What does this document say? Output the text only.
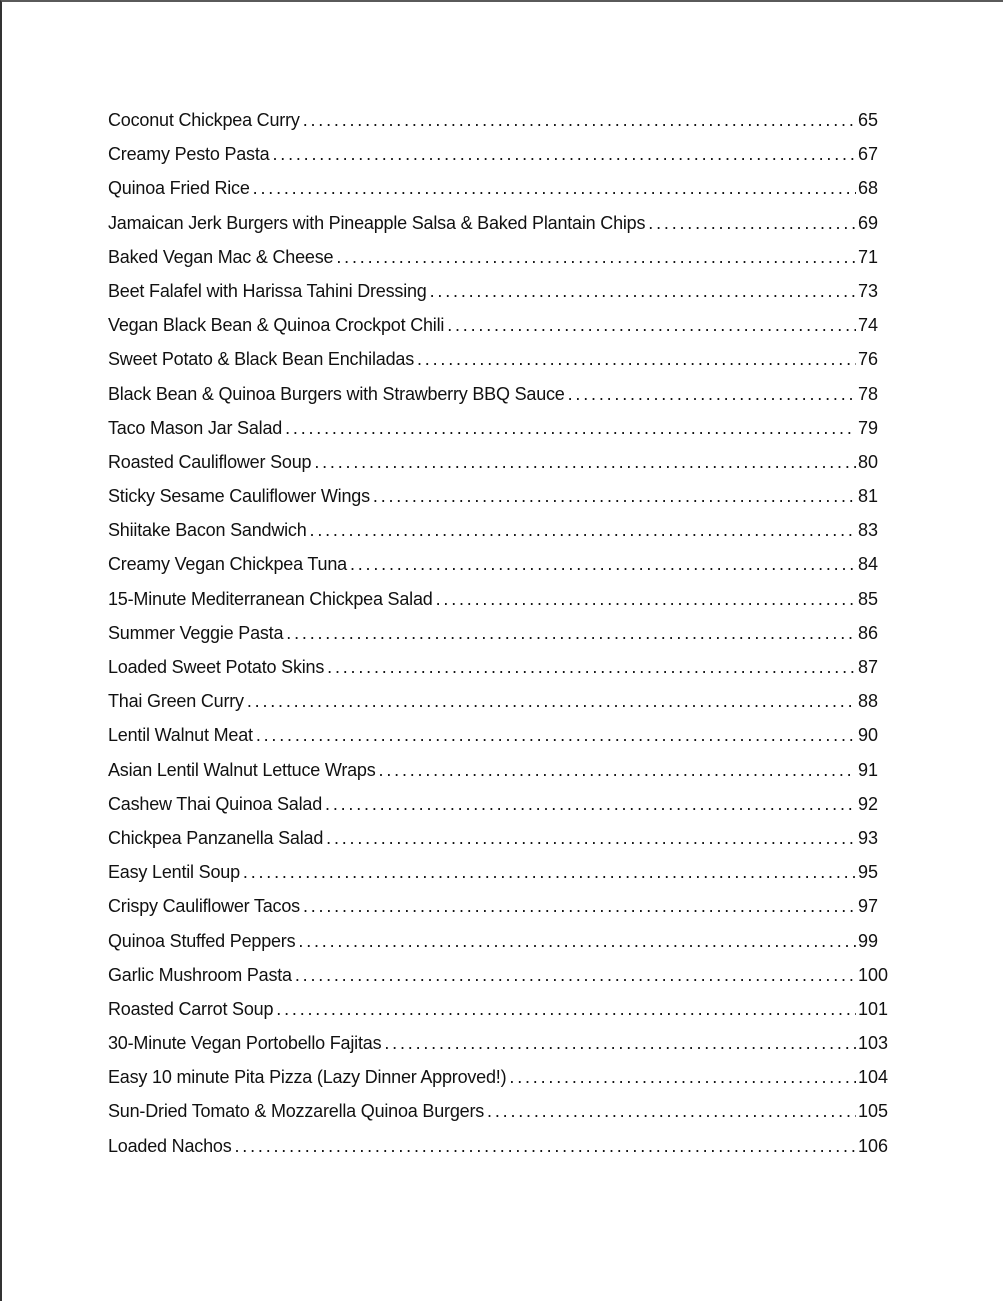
Coconut Chickpea Curry . . .	65
Creamy Pesto Pasta . . .	67
Quinoa Fried Rice . . .	68
Jamaican Jerk Burgers with Pineapple Salsa & Baked Plantain Chips . . .	69
Baked Vegan Mac & Cheese . . .	71
Beet Falafel with Harissa Tahini Dressing . . .	73
Vegan Black Bean & Quinoa Crockpot Chili . . .	74
Sweet Potato & Black Bean Enchiladas . . .	76
Black Bean & Quinoa Burgers with Strawberry BBQ Sauce . . .	78
Taco Mason Jar Salad . . .	79
Roasted Cauliflower Soup . . .	80
Sticky Sesame Cauliflower Wings . . .	81
Shiitake Bacon Sandwich . . .	83
Creamy Vegan Chickpea Tuna . . .	84
15-Minute Mediterranean Chickpea Salad . . .	85
Summer Veggie Pasta . . .	86
Loaded Sweet Potato Skins . . .	87
Thai Green Curry . . .	88
Lentil Walnut Meat . . .	90
Asian Lentil Walnut Lettuce Wraps . . .	91
Cashew Thai Quinoa Salad . . .	92
Chickpea Panzanella Salad . . .	93
Easy Lentil Soup . . .	95
Crispy Cauliflower Tacos . . .	97
Quinoa Stuffed Peppers . . .	99
Garlic Mushroom Pasta . . .	100
Roasted Carrot Soup . . .	101
30-Minute Vegan Portobello Fajitas . . .	103
Easy 10 minute Pita Pizza (Lazy Dinner Approved!) . . .	104
Sun-Dried Tomato & Mozzarella Quinoa Burgers . . .	105
Loaded Nachos . . .	106
